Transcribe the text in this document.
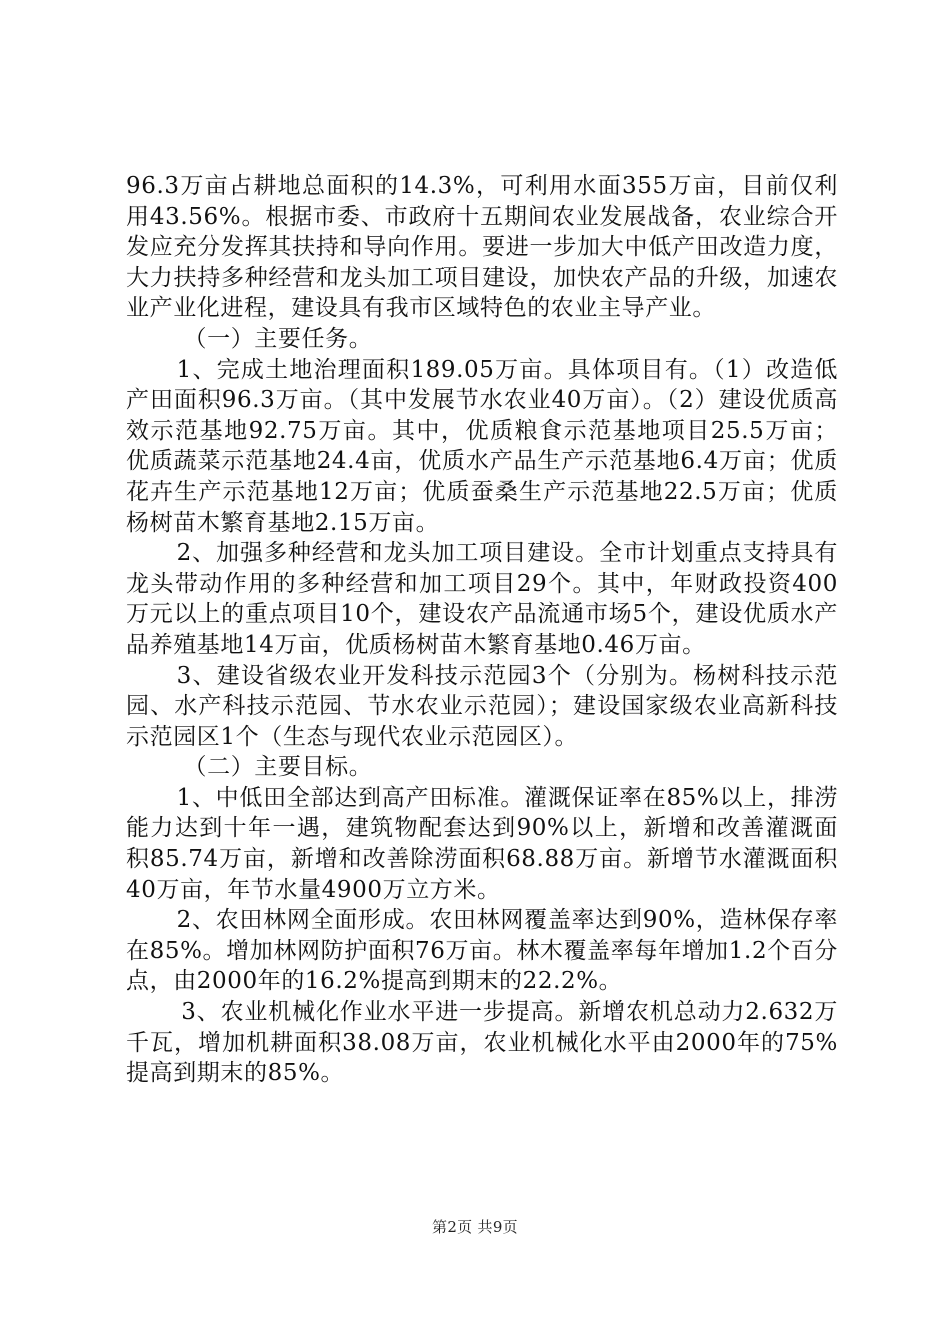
96.3万亩占耕地总面积的14.3%，可利用水面355万亩，目前仅利用43.56%。根据市委、市政府十五期间农业发展战备，农业综合开发应充分发挥其扶持和导向作用。要进一步加大中低产田改造力度，大力扶持多种经营和龙头加工项目建设，加快农产品的升级，加速农业产业化进程，建设具有我市区域特色的农业主导产业。

（一）主要任务。

1、完成土地治理面积189.05万亩。具体项目有。（1）改造低产田面积96.3万亩。（其中发展节水农业40万亩）。（2）建设优质高效示范基地92.75万亩。其中，优质粮食示范基地项目25.5万亩；优质蔬菜示范基地24.4亩，优质水产品生产示范基地6.4万亩；优质花卉生产示范基地12万亩；优质蚕桑生产示范基地22.5万亩；优质杨树苗木繁育基地2.15万亩。

2、加强多种经营和龙头加工项目建设。全市计划重点支持具有龙头带动作用的多种经营和加工项目29个。其中，年财政投资400万元以上的重点项目10个，建设农产品流通市场5个，建设优质水产品养殖基地14万亩，优质杨树苗木繁育基地0.46万亩。

3、建设省级农业开发科技示范园3个（分别为。杨树科技示范园、水产科技示范园、节水农业示范园）；建设国家级农业高新科技示范园区1个（生态与现代农业示范园区）。

（二）主要目标。

1、中低田全部达到高产田标准。灌溉保证率在85%以上，排涝能力达到十年一遇，建筑物配套达到90%以上，新增和改善灌溉面积85.74万亩，新增和改善除涝面积68.88万亩。新增节水灌溉面积40万亩，年节水量4900万立方米。

2、农田林网全面形成。农田林网覆盖率达到90%，造林保存率在85%。增加林网防护面积76万亩。林木覆盖率每年增加1.2个百分点，由2000年的16.2%提高到期末的22.2%。

3、农业机械化作业水平进一步提高。新增农机总动力2.632万千瓦，增加机耕面积38.08万亩，农业机械化水平由2000年的75%提高到期末的85%。

第2页 共9页
